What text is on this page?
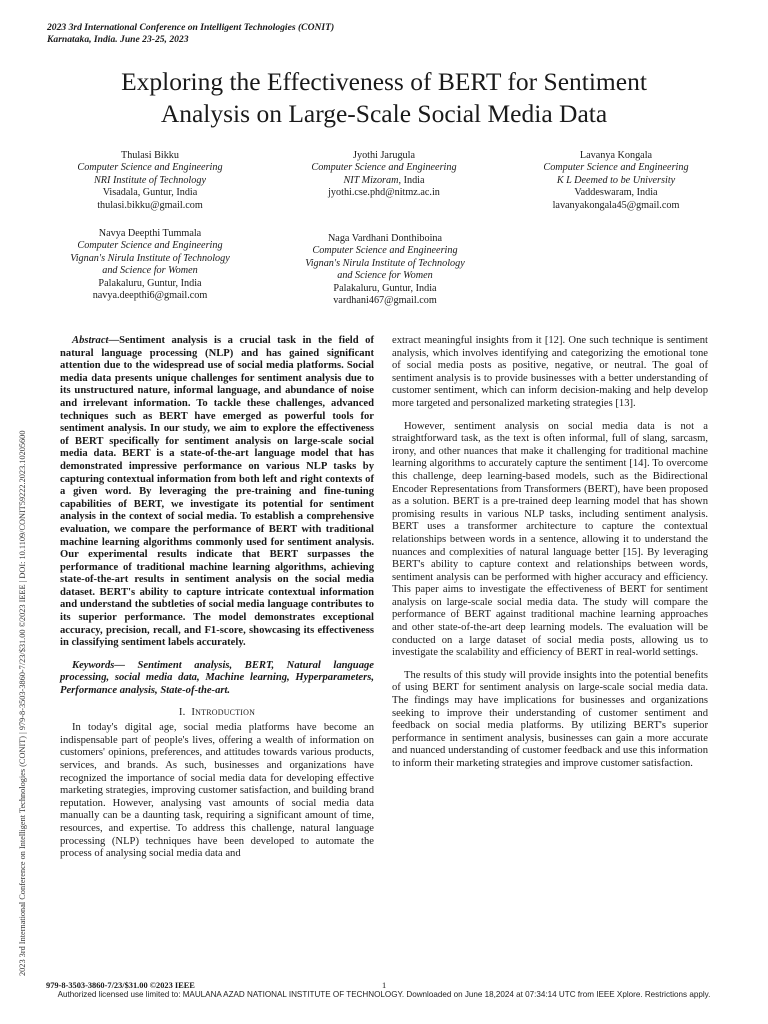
2023 3rd International Conference on Intelligent Technologies (CONIT)
Karnataka, India. June 23-25, 2023
Exploring the Effectiveness of BERT for Sentiment
Analysis on Large-Scale Social Media Data
Thulasi Bikku
Computer Science and Engineering
NRI Institute of Technology
Visadala, Guntur, India
thulasi.bikku@gmail.com
Jyothi Jarugula
Computer Science and Engineering
NIT Mizoram, India
jyothi.cse.phd@nitmz.ac.in
Lavanya Kongala
Computer Science and Engineering
K L Deemed to be University
Vaddeswaram, India
lavanyakongala45@gmail.com
Navya Deepthi Tummala
Computer Science and Engineering
Vignan's Nirula Institute of Technology
and Science for Women
Palakaluru, Guntur, India
navya.deepthi6@gmail.com
Naga Vardhani Donthiboina
Computer Science and Engineering
Vignan's Nirula Institute of Technology
and Science for Women
Palakaluru, Guntur, India
vardhani467@gmail.com
2023 3rd International Conference on Intelligent Technologies (CONIT) | 979-8-3503-3860-7/23/$31.00 ©2023 IEEE | DOI: 10.1109/CONIT59222.2023.10205600

Abstract—Sentiment analysis is a crucial task in the field of natural language processing (NLP) and has gained significant attention due to the widespread use of social media platforms. Social media data presents unique challenges for sentiment analysis due to its unstructured nature, informal language, and abundance of noise and irrelevant information. To tackle these challenges, advanced techniques such as BERT have emerged as powerful tools for sentiment analysis. In our study, we aim to explore the effectiveness of BERT specifically for sentiment analysis on large-scale social media data. BERT is a state-of-the-art language model that has demonstrated impressive performance on various NLP tasks by capturing contextual information from both left and right contexts of a given word. By leveraging the pre-training and fine-tuning capabilities of BERT, we investigate its potential for sentiment analysis in the context of social media. To establish a comprehensive evaluation, we compare the performance of BERT with traditional machine learning algorithms commonly used for sentiment analysis. Our experimental results indicate that BERT surpasses the performance of traditional machine learning algorithms, achieving state-of-the-art results in sentiment analysis on the social media dataset. BERT's ability to capture intricate contextual information and understand the subtleties of social media language contributes to its superior performance. The model demonstrates exceptional accuracy, precision, recall, and F1-score, showcasing its effectiveness in classifying sentiment labels accurately.

Keywords— Sentiment analysis, BERT, Natural language processing, social media data, Machine learning, Hyperparameters, Performance analysis, State-of-the-art.

I. Introduction

In today's digital age, social media platforms have become an indispensable part of people's lives, offering a wealth of information on customers' opinions, preferences, and attitudes towards various products, services, and brands. As such, businesses and organizations have recognized the importance of social media data for developing effective marketing strategies, improving customer satisfaction, and building brand reputation. However, analysing vast amounts of social media data manually can be a daunting task, requiring a significant amount of time, resources, and expertise. To address this challenge, natural language processing (NLP) techniques have been developed to automate the process of analysing social media data and

extract meaningful insights from it [12]. One such technique is sentiment analysis, which involves identifying and categorizing the emotional tone of social media posts as positive, negative, or neutral. The goal of sentiment analysis is to provide businesses with a better understanding of customer sentiment, which can inform decision-making and help develop more targeted and personalized marketing strategies [13].

However, sentiment analysis on social media data is not a straightforward task, as the text is often informal, full of slang, sarcasm, irony, and other nuances that make it challenging for traditional machine learning algorithms to accurately capture the sentiment [14]. To overcome this challenge, deep learning-based models, such as the Bidirectional Encoder Representations from Transformers (BERT), have been proposed as a solution. BERT is a pre-trained deep learning model that has shown promising results in various NLP tasks, including sentiment analysis. BERT uses a transformer architecture to capture the contextual relationships between words in a sentence, allowing it to understand the nuances and complexities of natural language better [15]. By leveraging BERT's ability to capture context and relationships between words, sentiment analysis can be performed with higher accuracy and efficiency. This paper aims to investigate the effectiveness of BERT for sentiment analysis on large-scale social media data. The study will compare the performance of BERT against traditional machine learning approaches and other state-of-the-art deep learning models. The evaluation will be conducted on a large dataset of social media posts, allowing us to investigate the scalability and efficiency of BERT in real-world settings.

The results of this study will provide insights into the potential benefits of using BERT for sentiment analysis on large-scale social media data. The findings may have implications for businesses and organizations seeking to improve their understanding of customer sentiment and feedback on social media platforms. By utilizing BERT's superior performance in sentiment analysis, businesses can gain a more accurate and nuanced understanding of customer feedback and use this information to inform their marketing strategies and improve customer satisfaction.

979-8-3503-3860-7/23/$31.00 ©2023 IEEE	1
Authorized licensed use limited to: MAULANA AZAD NATIONAL INSTITUTE OF TECHNOLOGY. Downloaded on June 18,2024 at 07:34:14 UTC from IEEE Xplore. Restrictions apply.
